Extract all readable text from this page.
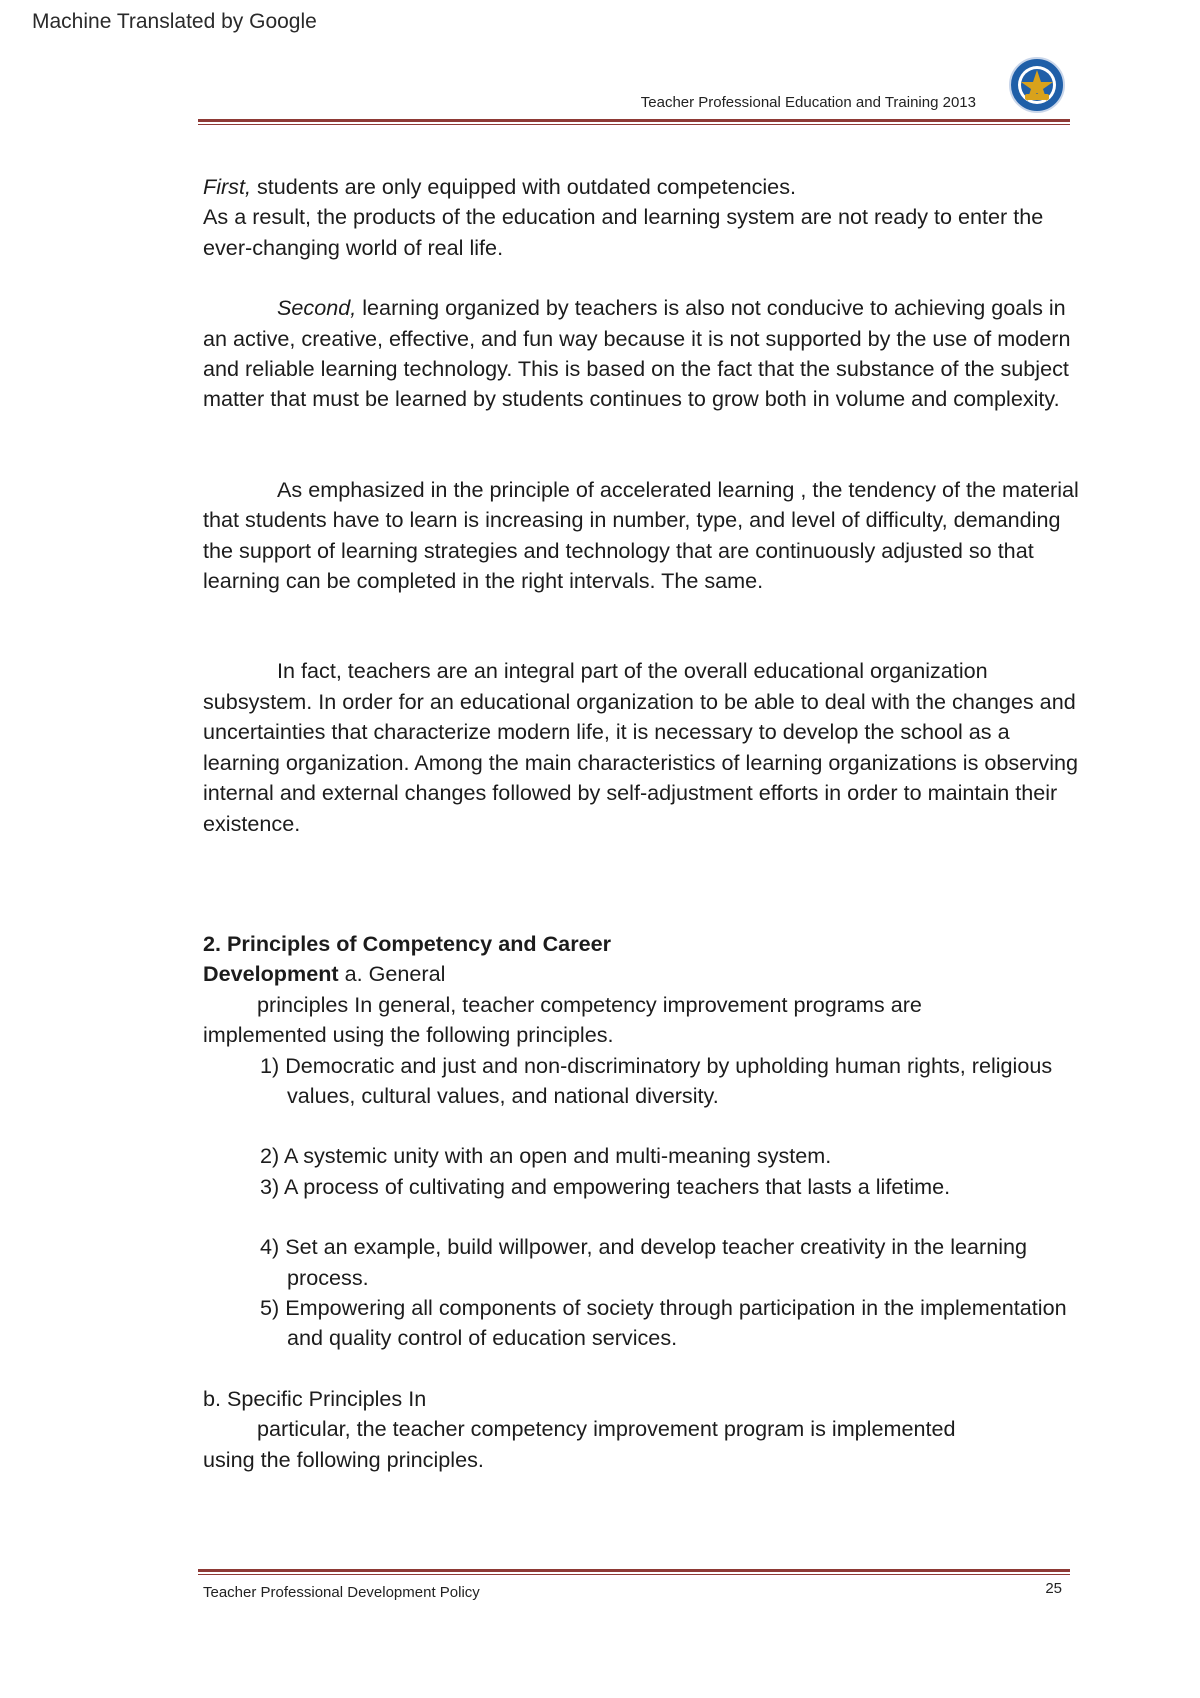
Machine Translated by Google
Teacher Professional Education and Training 2013

First, students are only equipped with outdated competencies.

As a result, the products of the education and learning system are not ready to enter the ever-changing world of real life.

Second, learning organized by teachers is also not conducive to achieving goals in an active, creative, effective, and fun way because it is not supported by the use of modern and reliable learning technology. This is based on the fact that the substance of the subject matter that must be learned by students continues to grow both in volume and complexity.

As emphasized in the principle of accelerated learning , the tendency of the material that students have to learn is increasing in number, type, and level of difficulty, demanding the support of learning strategies and technology that are continuously adjusted so that learning can be completed in the right intervals. The same.

In fact, teachers are an integral part of the overall educational organization subsystem. In order for an educational organization to be able to deal with the changes and uncertainties that characterize modern life, it is necessary to develop the school as a learning organization. Among the main characteristics of learning organizations is observing internal and external changes followed by self-adjustment efforts in order to maintain their existence.

2. Principles of Competency and Career

Development a. General

principles In general, teacher competency improvement programs are

implemented using the following principles.

1) Democratic and just and non-discriminatory by upholding human rights, religious values, cultural values, and national diversity.
2) A systemic unity with an open and multi-meaning system.
3) A process of cultivating and empowering teachers that lasts a lifetime.
4) Set an example, build willpower, and develop teacher creativity in the learning process.
5) Empowering all components of society through participation in the implementation and quality control of education services.

b. Specific Principles In

particular, the teacher competency improvement program is implemented

using the following principles.

Teacher Professional Development Policy	25
